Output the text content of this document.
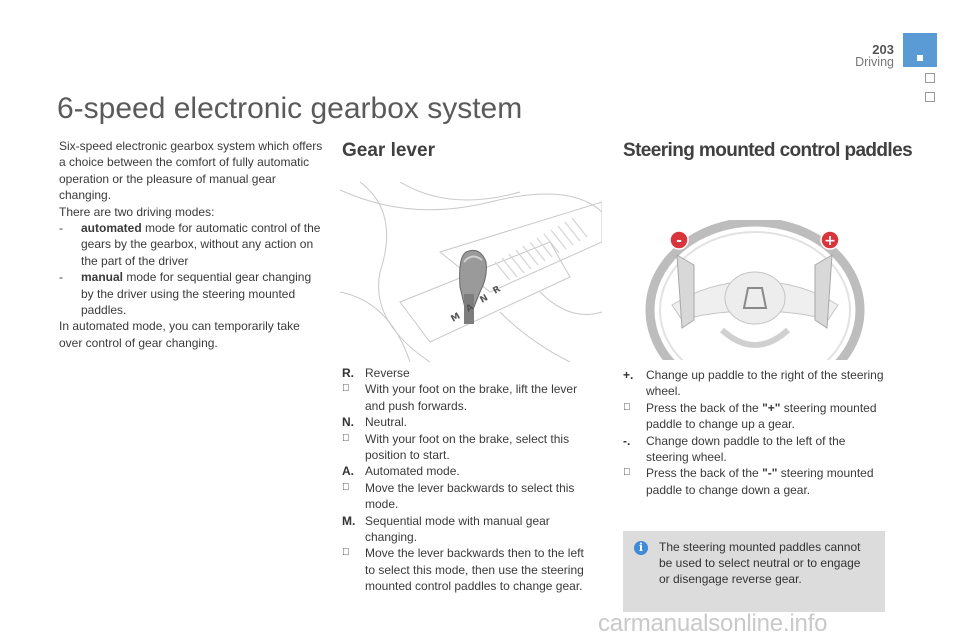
203
Driving
6-speed electronic gearbox system

Six-speed electronic gearbox system which offers a choice between the comfort of fully automatic operation or the pleasure of manual gear changing.

There are two driving modes:

-	automated mode for automatic control of the gears by the gearbox, without any action on the part of the driver
-	manual mode for sequential gear changing by the driver using the steering mounted paddles.

In automated mode, you can temporarily take over control of gear changing.

Gear lever	Steering mounted control paddles
R
N
A
M
-	+
R. Reverse
With your foot on the brake, lift the lever and push forwards.
N. Neutral.
With your foot on the brake, select this position to start.
A. Automated mode.
Move the lever backwards to select this mode.
M. Sequential mode with manual gear changing.
Move the lever backwards then to the left to select this mode, then use the steering mounted control paddles to change gear.
+.	Change up paddle to the right of the steering wheel.
Press the back of the "+" steering mounted paddle to change up a gear.
-.	Change down paddle to the left of the steering wheel.
Press the back of the "-" steering mounted paddle to change down a gear.
i	The steering mounted paddles cannot be used to select neutral or to engage or disengage reverse gear.
carmanualsonline.info
